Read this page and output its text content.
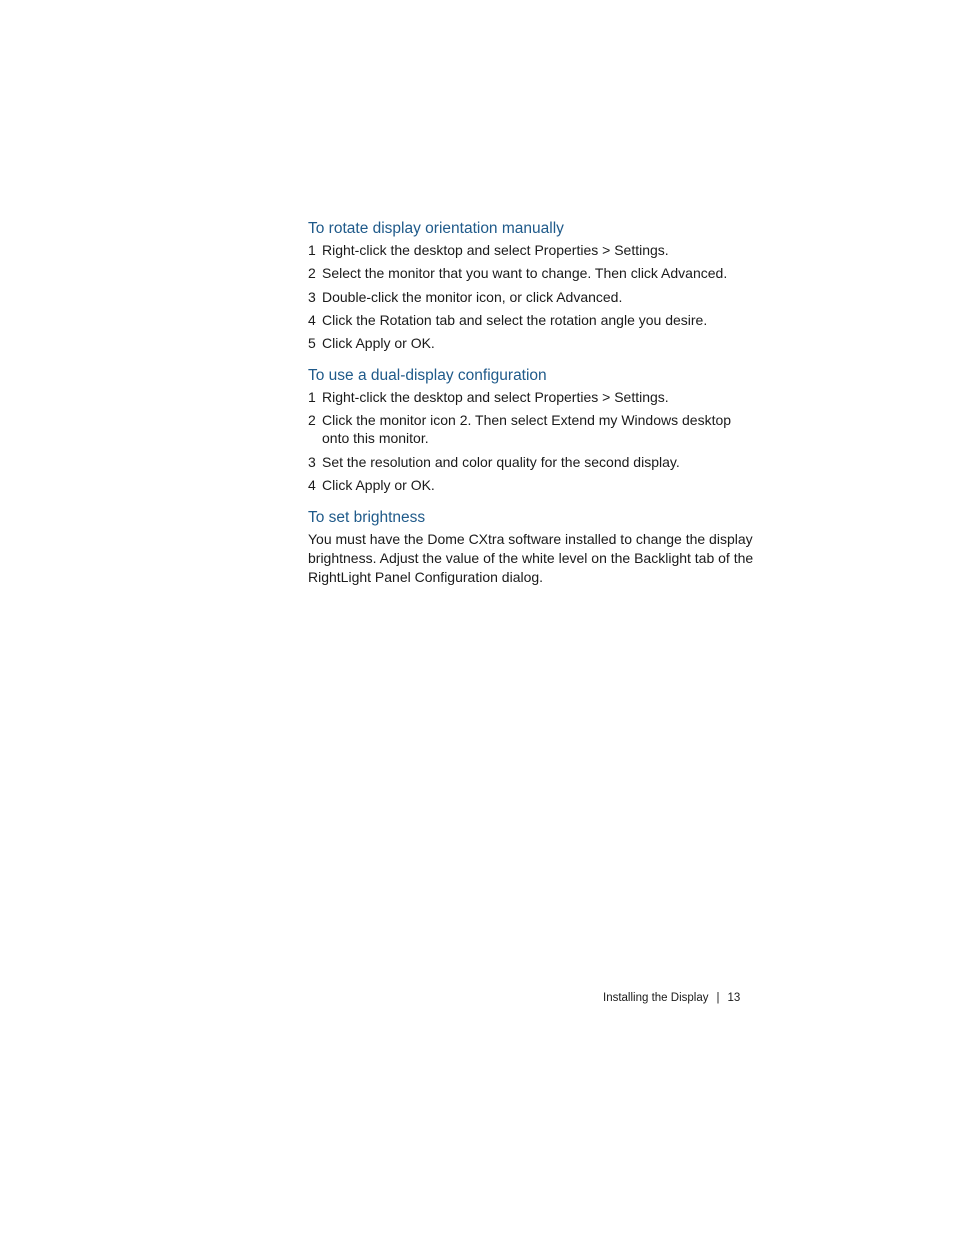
To rotate display orientation manually
1 Right-click the desktop and select Properties > Settings.
2 Select the monitor that you want to change. Then click Advanced.
3 Double-click the monitor icon, or click Advanced.
4 Click the Rotation tab and select the rotation angle you desire.
5 Click Apply or OK.
To use a dual-display configuration
1 Right-click the desktop and select Properties > Settings.
2 Click the monitor icon 2. Then select Extend my Windows desktop onto this monitor.
3 Set the resolution and color quality for the second display.
4 Click Apply or OK.
To set brightness

You must have the Dome CXtra software installed to change the display brightness. Adjust the value of the white level on the Backlight tab of the RightLight Panel Configuration dialog.

Installing the Display | 13
